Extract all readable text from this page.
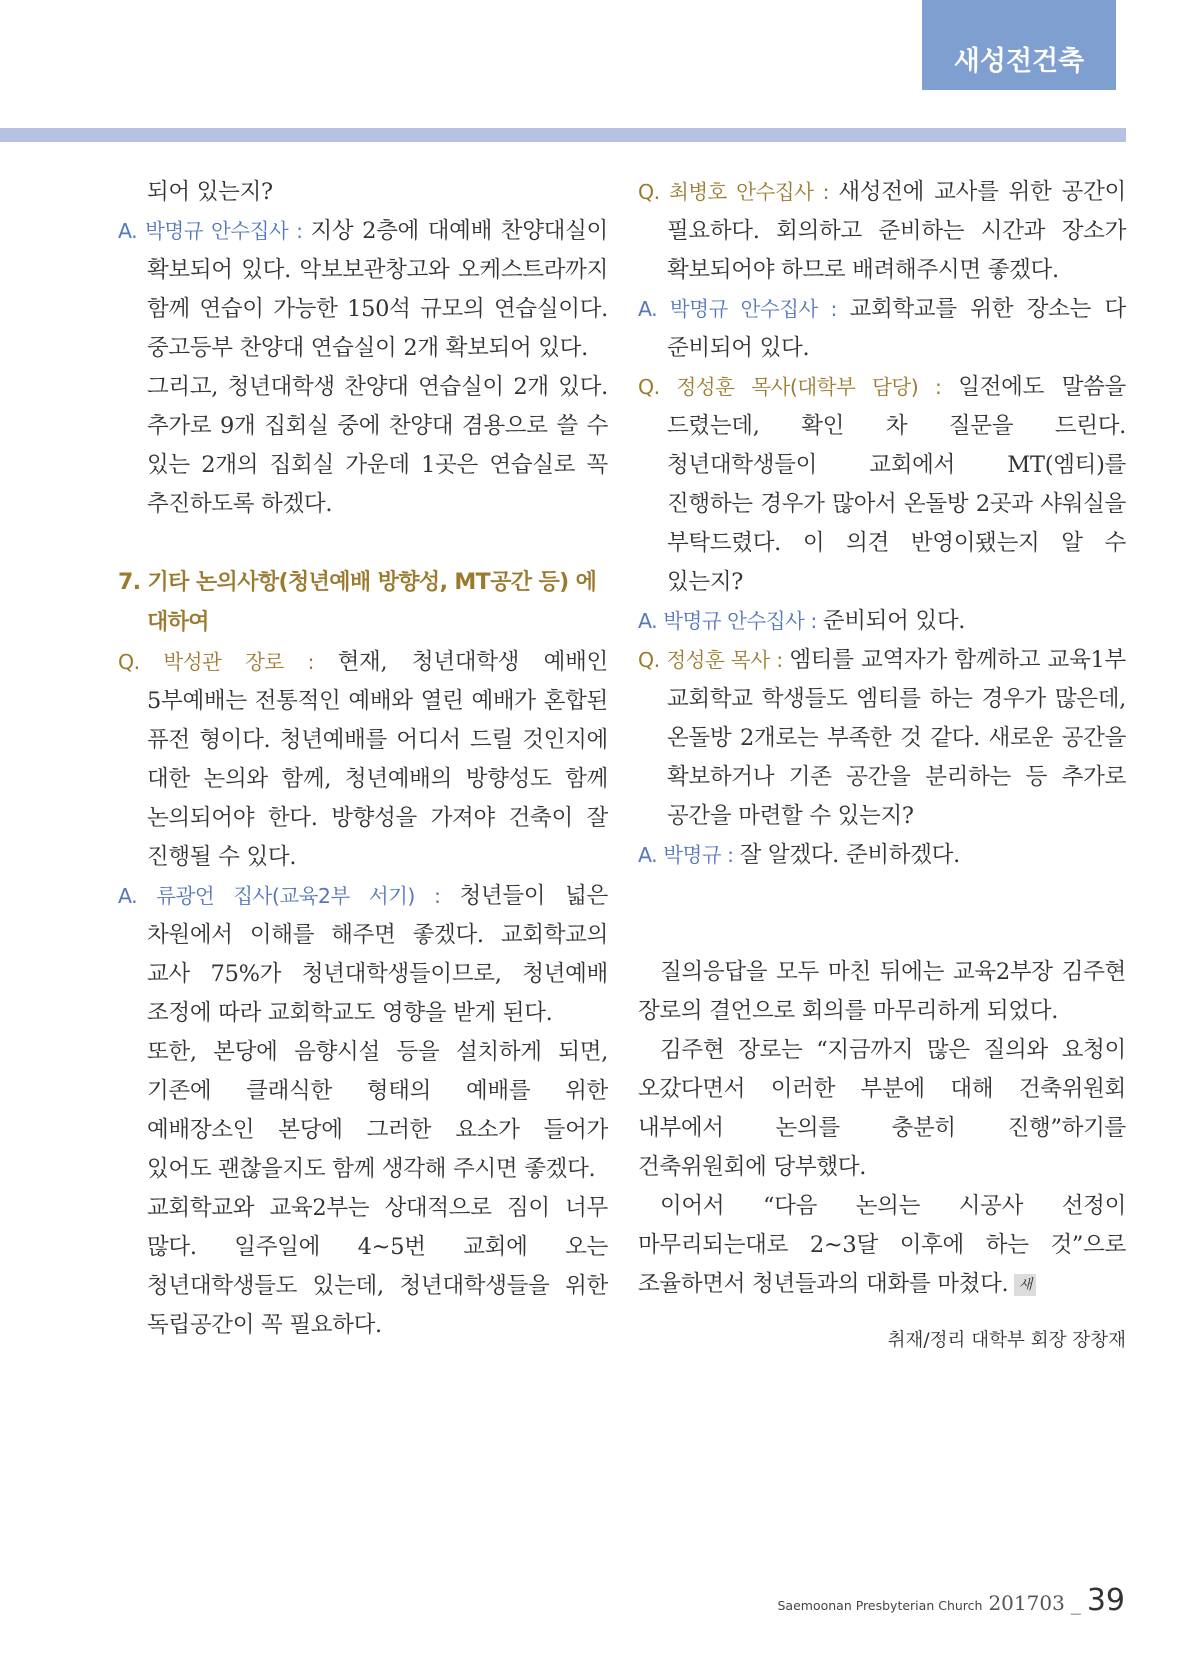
새성전건축

되어 있는지?

A. 박명규 안수집사 : 지상 2층에 대예배 찬양대실이 확보되어 있다. 악보보관창고와 오케스트라까지 함께 연습이 가능한 150석 규모의 연습실이다. 중고등부 찬양대 연습실이 2개 확보되어 있다.

그리고, 청년대학생 찬양대 연습실이 2개 있다. 추가로 9개 집회실 중에 찬양대 겸용으로 쓸 수 있는 2개의 집회실 가운데 1곳은 연습실로 꼭 추진하도록 하겠다.

7. 기타 논의사항(청년예배 방향성, MT공간 등) 에 대하여

Q. 박성관 장로 : 현재, 청년대학생 예배인 5부예배는 전통적인 예배와 열린 예배가 혼합된 퓨전 형이다. 청년예배를 어디서 드릴 것인지에 대한 논의와 함께, 청년예배의 방향성도 함께 논의되어야 한다. 방향성을 가져야 건축이 잘 진행될 수 있다.

A. 류광언 집사(교육2부 서기) : 청년들이 넓은 차원에서 이해를 해주면 좋겠다. 교회학교의 교사 75%가 청년대학생들이므로, 청년예배 조정에 따라 교회학교도 영향을 받게 된다.

또한, 본당에 음향시설 등을 설치하게 되면, 기존에 클래식한 형태의 예배를 위한 예배장소인 본당에 그러한 요소가 들어가 있어도 괜찮을지도 함께 생각해 주시면 좋겠다.

교회학교와 교육2부는 상대적으로 짐이 너무 많다. 일주일에 4~5번 교회에 오는 청년대학생들도 있는데, 청년대학생들을 위한 독립공간이 꼭 필요하다.

Q. 최병호 안수집사 : 새성전에 교사를 위한 공간이 필요하다. 회의하고 준비하는 시간과 장소가 확보되어야 하므로 배려해주시면 좋겠다.

A. 박명규 안수집사 : 교회학교를 위한 장소는 다 준비되어 있다.

Q. 정성훈 목사(대학부 담당) : 일전에도 말씀을 드렸는데, 확인 차 질문을 드린다. 청년대학생들이 교회에서 MT(엠티)를 진행하는 경우가 많아서 온돌방 2곳과 샤워실을 부탁드렸다. 이 의견 반영이됐는지 알 수 있는지?

A. 박명규 안수집사 : 준비되어 있다.

Q. 정성훈 목사 : 엠티를 교역자가 함께하고 교육1부 교회학교 학생들도 엠티를 하는 경우가 많은데, 온돌방 2개로는 부족한 것 같다. 새로운 공간을 확보하거나 기존 공간을 분리하는 등 추가로 공간을 마련할 수 있는지?

A. 박명규 : 잘 알겠다. 준비하겠다.

질의응답을 모두 마친 뒤에는 교육2부장 김주현 장로의 결언으로 회의를 마무리하게 되었다.

김주현 장로는 “지금까지 많은 질의와 요청이 오갔다면서 이러한 부분에 대해 건축위원회 내부에서 논의를 충분히 진행”하기를 건축위원회에 당부했다.

이어서 “다음 논의는 시공사 선정이 마무리되는대로 2~3달 이후에 하는 것”으로 조율하면서 청년들과의 대화를 마쳤다. 새

취재/정리 대학부 회장 장창재
Saemoonan Presbyterian Church 201703 _ 39
